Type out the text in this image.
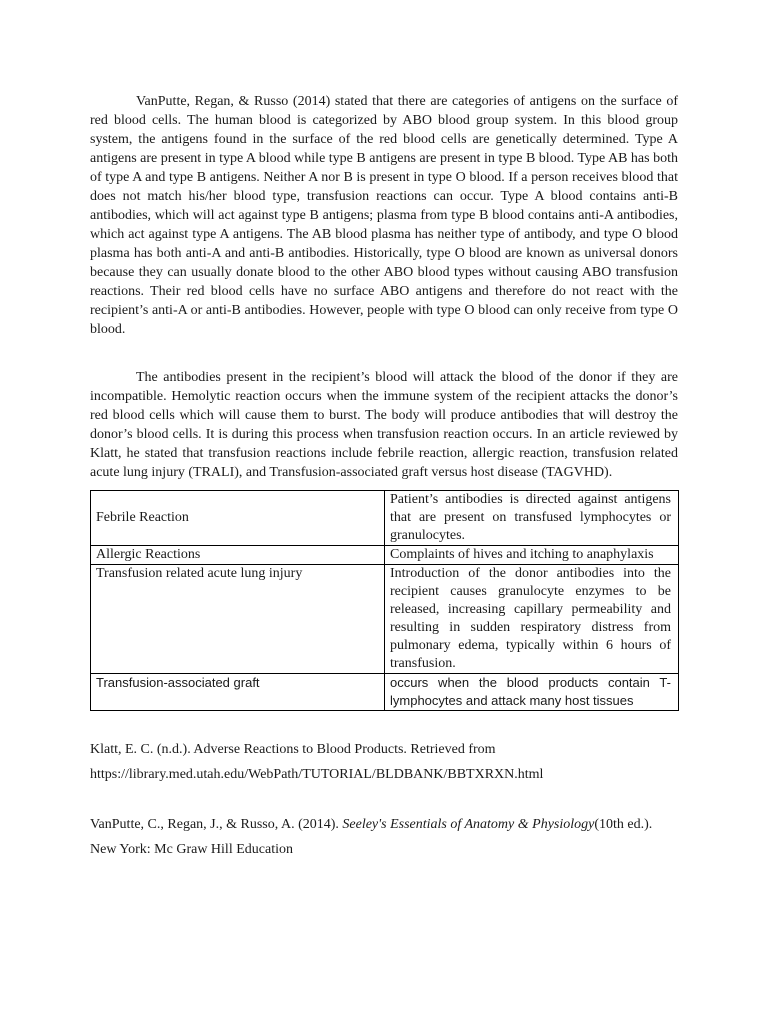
VanPutte, Regan, & Russo (2014) stated that there are categories of antigens on the surface of red blood cells. The human blood is categorized by ABO blood group system. In this blood group system, the antigens found in the surface of the red blood cells are genetically determined. Type A antigens are present in type A blood while type B antigens are present in type B blood. Type AB has both of type A and type B antigens. Neither A nor B is present in type O blood. If a person receives blood that does not match his/her blood type, transfusion reactions can occur. Type A blood contains anti-B antibodies, which will act against type B antigens; plasma from type B blood contains anti-A antibodies, which act against type A antigens. The AB blood plasma has neither type of antibody, and type O blood plasma has both anti-A and anti-B antibodies. Historically, type O blood are known as universal donors because they can usually donate blood to the other ABO blood types without causing ABO transfusion reactions. Their red blood cells have no surface ABO antigens and therefore do not react with the recipient’s anti-A or anti-B antibodies. However, people with type O blood can only receive from type O blood.

The antibodies present in the recipient’s blood will attack the blood of the donor if they are incompatible. Hemolytic reaction occurs when the immune system of the recipient attacks the donor’s red blood cells which will cause them to burst. The body will produce antibodies that will destroy the donor’s blood cells. It is during this process when transfusion reaction occurs. In an article reviewed by Klatt, he stated that transfusion reactions include febrile reaction, allergic reaction, transfusion related acute lung injury (TRALI), and Transfusion-associated graft versus host disease (TAGVHD).

Febrile Reaction	Patient’s antibodies is directed against antigens that are present on transfused lymphocytes or granulocytes.
Allergic Reactions	Complaints of hives and itching to anaphylaxis
Transfusion related acute lung injury	Introduction of the donor antibodies into the recipient causes granulocyte enzymes to be released, increasing capillary permeability and resulting in sudden respiratory distress from pulmonary edema, typically within 6 hours of transfusion.
Transfusion-associated graft	occurs when the blood products contain T-lymphocytes and attack many host tissues

Klatt, E. C. (n.d.). Adverse Reactions to Blood Products. Retrieved from
https://library.med.utah.edu/WebPath/TUTORIAL/BLDBANK/BBTXRXN.html

VanPutte, C., Regan, J., & Russo, A. (2014). Seeley's Essentials of Anatomy & Physiology(10th ed.). New York: Mc Graw Hill Education
